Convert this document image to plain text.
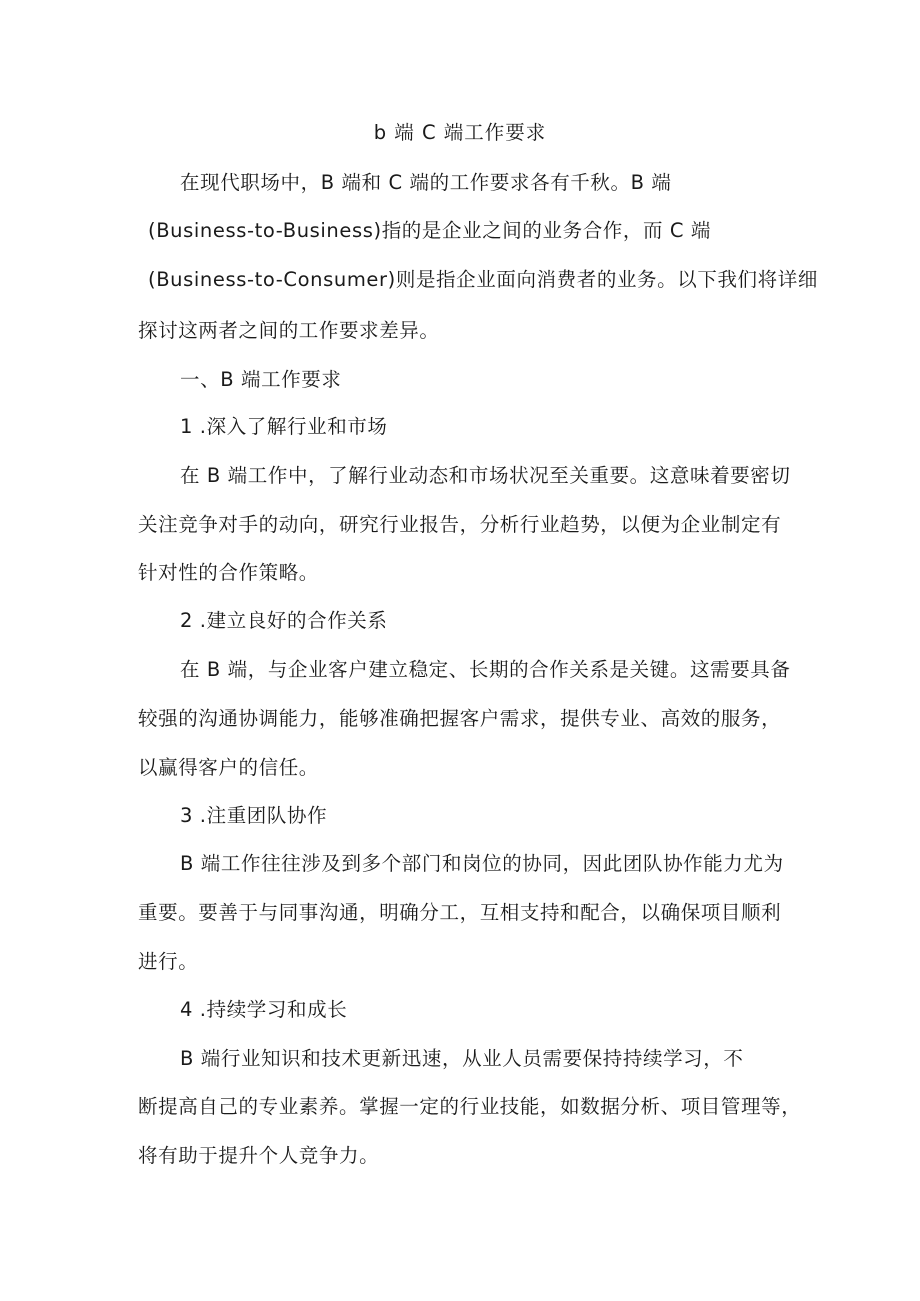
b 端 C 端工作要求
在现代职场中，B 端和 C 端的工作要求各有千秋。B 端
(Business-to-Business)指的是企业之间的业务合作，而 C 端
(Business-to-Consumer)则是指企业面向消费者的业务。以下我们将详细
探讨这两者之间的工作要求差异。
一、B 端工作要求
1 .深入了解行业和市场
在 B 端工作中，了解行业动态和市场状况至关重要。这意味着要密切
关注竞争对手的动向，研究行业报告，分析行业趋势，以便为企业制定有
针对性的合作策略。
2 .建立良好的合作关系
在 B 端，与企业客户建立稳定、长期的合作关系是关键。这需要具备
较强的沟通协调能力，能够准确把握客户需求，提供专业、高效的服务，
以赢得客户的信任。
3 .注重团队协作
B 端工作往往涉及到多个部门和岗位的协同，因此团队协作能力尤为
重要。要善于与同事沟通，明确分工，互相支持和配合，以确保项目顺利
进行。
4 .持续学习和成长
B 端行业知识和技术更新迅速，从业人员需要保持持续学习，不
断提高自己的专业素养。掌握一定的行业技能，如数据分析、项目管理等，
将有助于提升个人竞争力。
